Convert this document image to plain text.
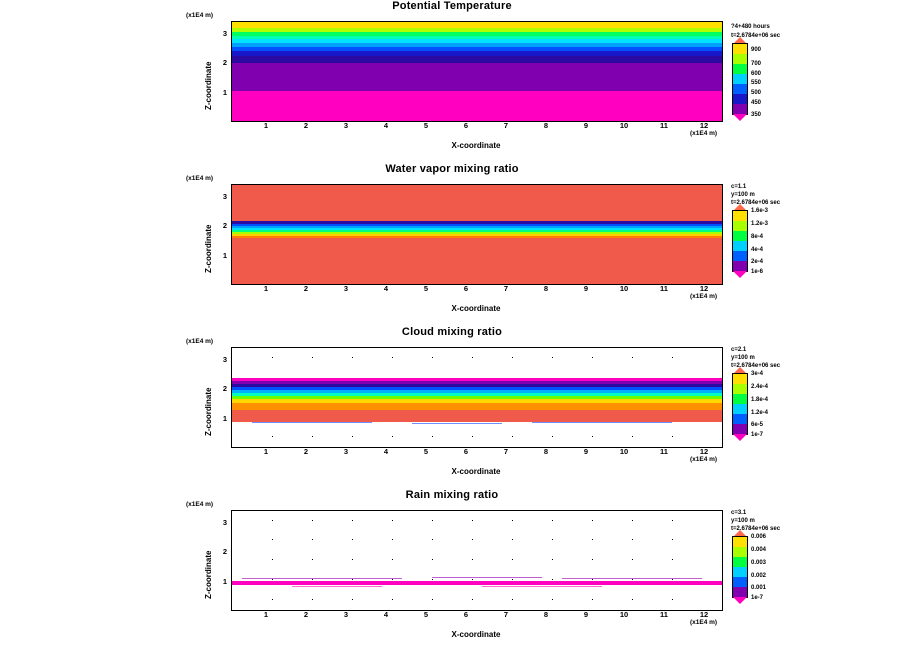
Potential Temperature
(x1E4 m)
Z-coordinate
3
2
1
1	2	3	4	5	6	7	8	9	10	11	12
(x1E4 m)
X-coordinate
?4+480 hours
t=2.6784e+06 sec
900
700
600
550
500
450
350
Water vapor mixing ratio
(x1E4 m)
Z-coordinate
3
2
1
1	2	3	4	5	6	7	8	9	10	11	12
(x1E4 m)
X-coordinate
c=1.1
y=100 m
t=2.6784e+06 sec
1.6e-3
1.2e-3
8e-4
4e-4
2e-4
1e-6
Cloud mixing ratio
(x1E4 m)
Z-coordinate
3
2
1
1	2	3	4	5	6	7	8	9	10	11	12
(x1E4 m)
X-coordinate
c=2.1
y=100 m
t=2.6784e+06 sec
3e-4
2.4e-4
1.8e-4
1.2e-4
6e-5
1e-7
Rain mixing ratio
(x1E4 m)
Z-coordinate
3
2
1
1	2	3	4	5	6	7	8	9	10	11	12
(x1E4 m)
X-coordinate
c=3.1
y=100 m
t=2.6784e+06 sec
0.006
0.004
0.003
0.002
0.001
1e-7
